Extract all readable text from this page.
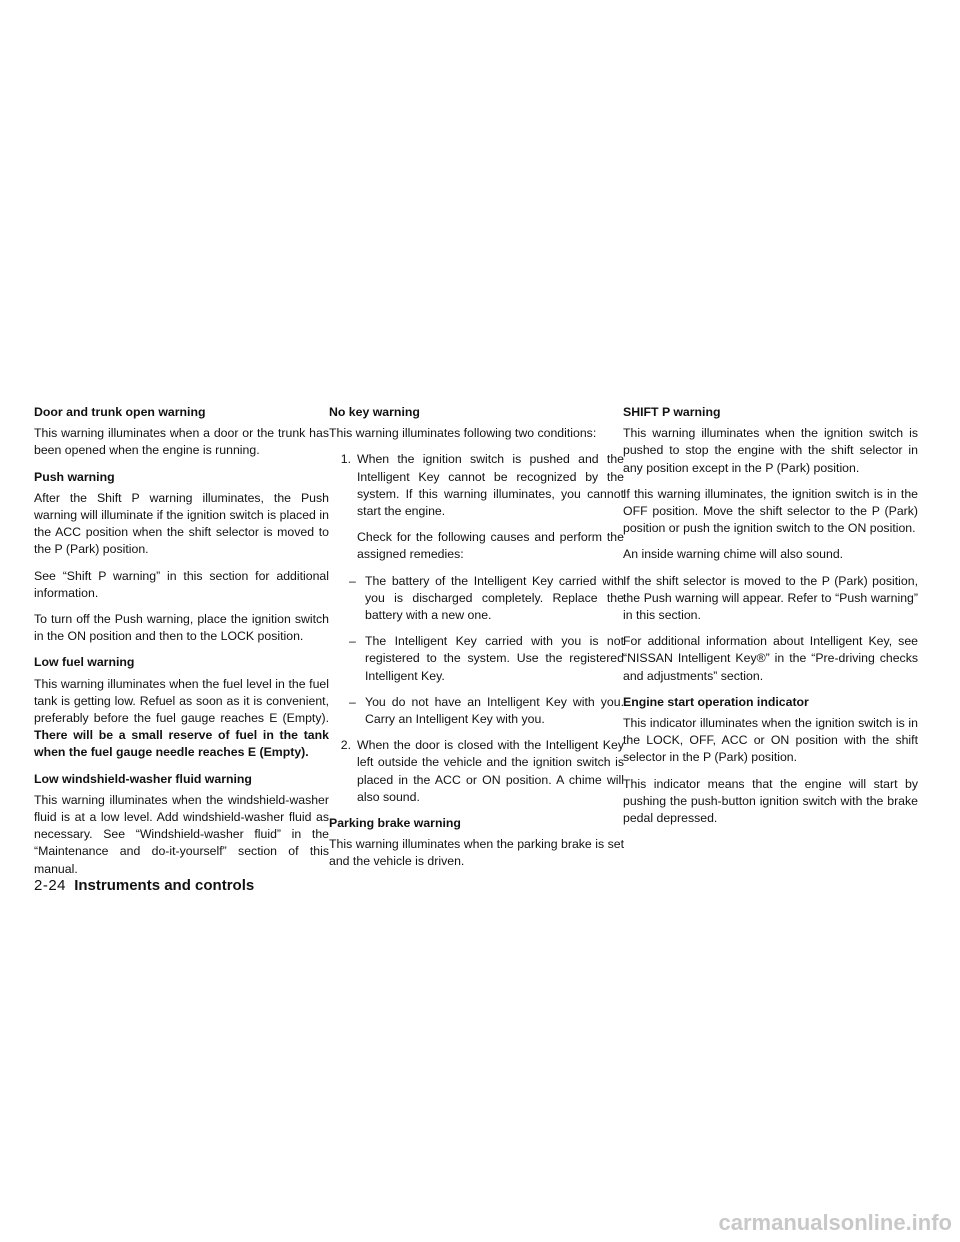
Door and trunk open warning

This warning illuminates when a door or the trunk has been opened when the engine is running.

Push warning

After the Shift P warning illuminates, the Push warning will illuminate if the ignition switch is placed in the ACC position when the shift selector is moved to the P (Park) position.

See “Shift P warning” in this section for additional information.

To turn off the Push warning, place the ignition switch in the ON position and then to the LOCK position.

Low fuel warning

This warning illuminates when the fuel level in the fuel tank is getting low. Refuel as soon as it is convenient, preferably before the fuel gauge reaches E (Empty). There will be a small reserve of fuel in the tank when the fuel gauge needle reaches E (Empty).

Low windshield-washer fluid warning

This warning illuminates when the windshield-washer fluid is at a low level. Add windshield-washer fluid as necessary. See “Windshield-washer fluid” in the “Maintenance and do-it-yourself” section of this manual.

No key warning

This warning illuminates following two conditions:

1. When the ignition switch is pushed and the Intelligent Key cannot be recognized by the system. If this warning illuminates, you cannot start the engine.

Check for the following causes and perform the assigned remedies:

– The battery of the Intelligent Key carried with you is discharged completely. Replace the battery with a new one.
– The Intelligent Key carried with you is not registered to the system. Use the registered Intelligent Key.
– You do not have an Intelligent Key with you. Carry an Intelligent Key with you.
2. When the door is closed with the Intelligent Key left outside the vehicle and the ignition switch is placed in the ACC or ON position. A chime will also sound.
Parking brake warning

This warning illuminates when the parking brake is set and the vehicle is driven.

SHIFT P warning

This warning illuminates when the ignition switch is pushed to stop the engine with the shift selector in any position except in the P (Park) position.

If this warning illuminates, the ignition switch is in the OFF position. Move the shift selector to the P (Park) position or push the ignition switch to the ON position.

An inside warning chime will also sound.

If the shift selector is moved to the P (Park) position, the Push warning will appear. Refer to “Push warning” in this section.

For additional information about Intelligent Key, see “NISSAN Intelligent Key®” in the “Pre-driving checks and adjustments” section.

Engine start operation indicator

This indicator illuminates when the ignition switch is in the LOCK, OFF, ACC or ON position with the shift selector in the P (Park) position.

This indicator means that the engine will start by pushing the push-button ignition switch with the brake pedal depressed.

2-24 Instruments and controls
carmanualsonline.info
